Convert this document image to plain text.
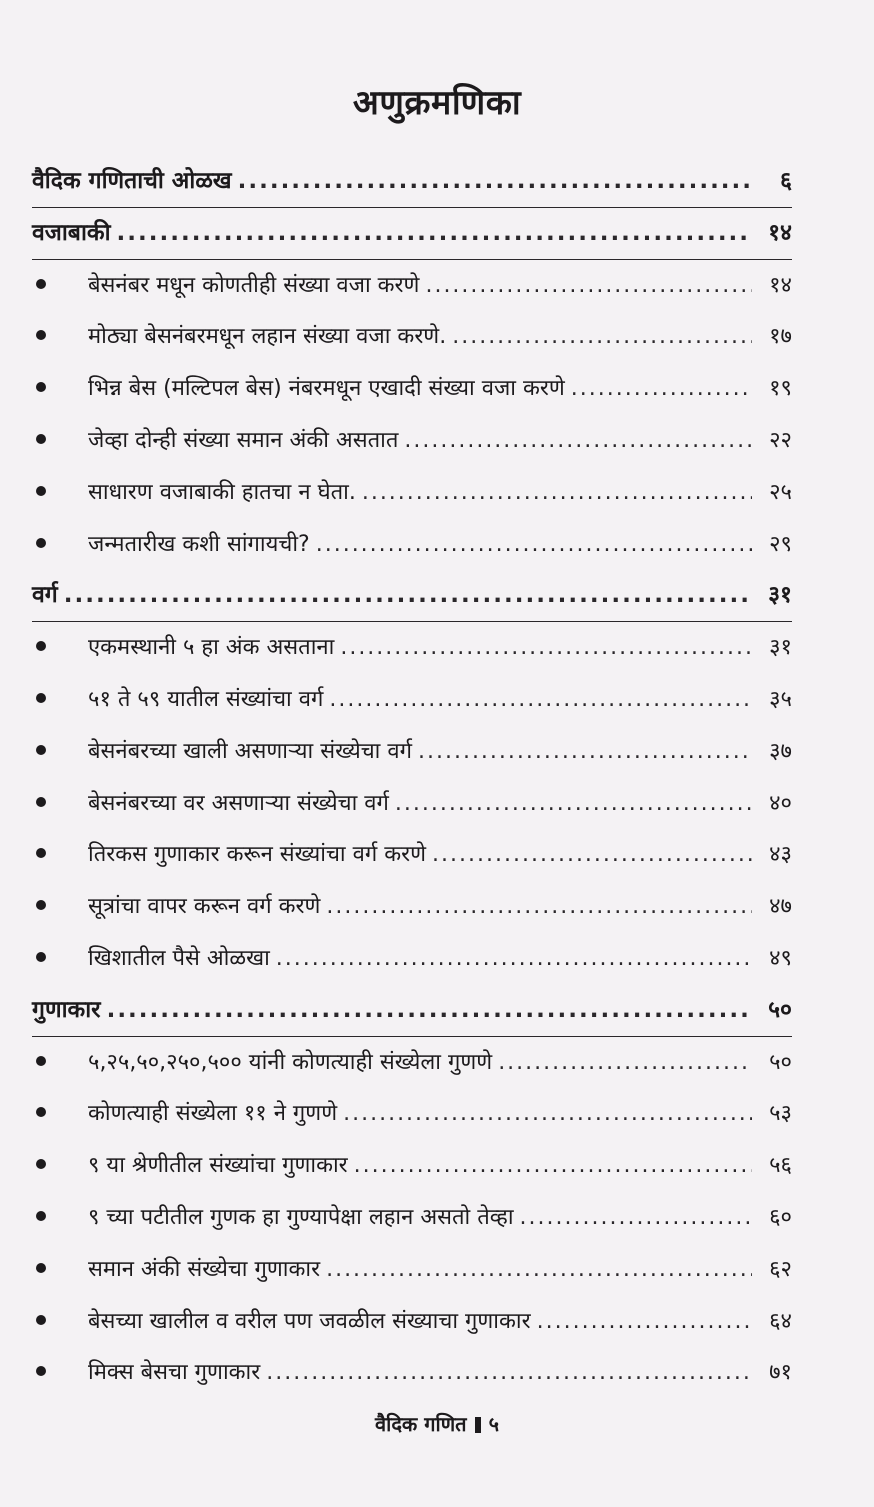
अणुक्रमणिका
वैदिक गणिताची ओळख .....	६
वजाबाकी .....	१४
बेसनंबर मधून कोणतीही संख्या वजा करणे .....	१४
मोठ्या बेसनंबरमधून लहान संख्या वजा करणे. .....	१७
भिन्न बेस (मल्टिपल बेस) नंबरमधून एखादी संख्या वजा करणे .....	१९
जेव्हा दोन्ही संख्या समान अंकी असतात .....	२२
साधारण वजाबाकी हातचा न घेता. .....	२५
जन्मतारीख कशी सांगायची? .....	२९
वर्ग .....	३१
एकमस्थानी ५ हा अंक असताना .....	३१
५१ ते ५९ यातील संख्यांचा वर्ग .....	३५
बेसनंबरच्या खाली असणाऱ्या संख्येचा वर्ग .....	३७
बेसनंबरच्या वर असणाऱ्या संख्येचा वर्ग .....	४०
तिरकस गुणाकार करून संख्यांचा वर्ग करणे .....	४३
सूत्रांचा वापर करून वर्ग करणे .....	४७
खिशातील पैसे ओळखा .....	४९
गुणाकार .....	५०
५,२५,५०,२५०,५०० यांनी कोणत्याही संख्येला गुणणे .....	५०
कोणत्याही संख्येला ११ ने गुणणे .....	५३
९ या श्रेणीतील संख्यांचा गुणाकार .....	५६
९ च्या पटीतील गुणक हा गुण्यापेक्षा लहान असतो तेव्हा .....	६०
समान अंकी संख्येचा गुणाकार .....	६२
बेसच्या खालील व वरील पण जवळील संख्याचा गुणाकार .....	६४
मिक्स बेसचा गुणाकार .....	७१
वैदिक गणित ५
